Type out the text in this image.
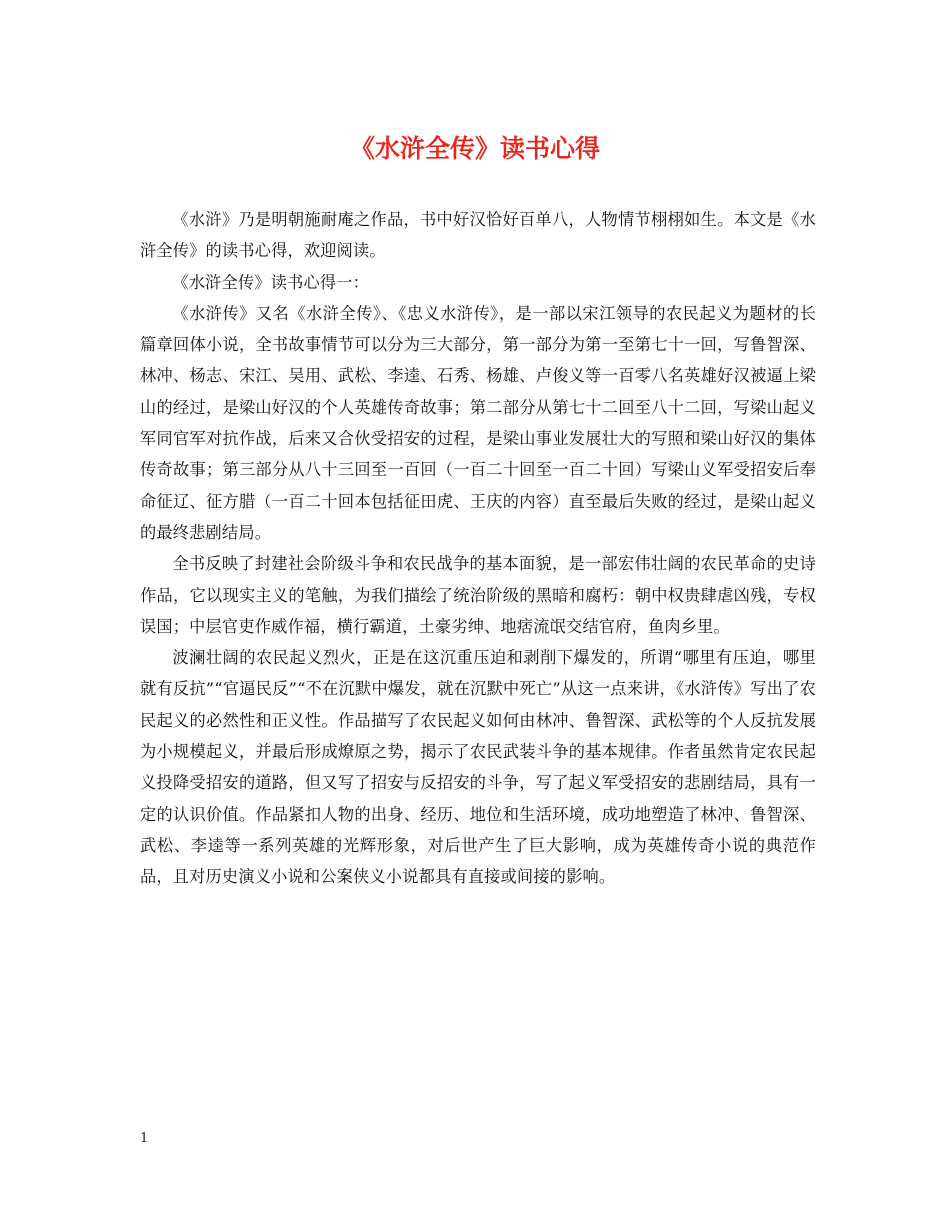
《水浒全传》读书心得

《水浒》乃是明朝施耐庵之作品，书中好汉恰好百单八，人物情节栩栩如生。本文是《水浒全传》的读书心得，欢迎阅读。

《水浒全传》读书心得一：

《水浒传》又名《水浒全传》、《忠义水浒传》，是一部以宋江领导的农民起义为题材的长篇章回体小说，全书故事情节可以分为三大部分，第一部分为第一至第七十一回，写鲁智深、林冲、杨志、宋江、吴用、武松、李逵、石秀、杨雄、卢俊义等一百零八名英雄好汉被逼上梁山的经过，是梁山好汉的个人英雄传奇故事；第二部分从第七十二回至八十二回，写梁山起义军同官军对抗作战，后来又合伙受招安的过程，是梁山事业发展壮大的写照和梁山好汉的集体传奇故事；第三部分从八十三回至一百回（一百二十回至一百二十回）写梁山义军受招安后奉命征辽、征方腊（一百二十回本包括征田虎、王庆的内容）直至最后失败的经过，是梁山起义的最终悲剧结局。

全书反映了封建社会阶级斗争和农民战争的基本面貌，是一部宏伟壮阔的农民革命的史诗作品，它以现实主义的笔触，为我们描绘了统治阶级的黑暗和腐朽：朝中权贵肆虐凶残，专权误国；中层官吏作威作福，横行霸道，土豪劣绅、地痞流氓交结官府，鱼肉乡里。

波澜壮阔的农民起义烈火，正是在这沉重压迫和剥削下爆发的，所谓“哪里有压迫，哪里就有反抗”“官逼民反”“不在沉默中爆发，就在沉默中死亡”从这一点来讲，《水浒传》写出了农民起义的必然性和正义性。作品描写了农民起义如何由林冲、鲁智深、武松等的个人反抗发展为小规模起义，并最后形成燎原之势，揭示了农民武装斗争的基本规律。作者虽然肯定农民起义投降受招安的道路，但又写了招安与反招安的斗争，写了起义军受招安的悲剧结局，具有一定的认识价值。作品紧扣人物的出身、经历、地位和生活环境，成功地塑造了林冲、鲁智深、武松、李逵等一系列英雄的光辉形象，对后世产生了巨大影响，成为英雄传奇小说的典范作品，且对历史演义小说和公案侠义小说都具有直接或间接的影响。

1
